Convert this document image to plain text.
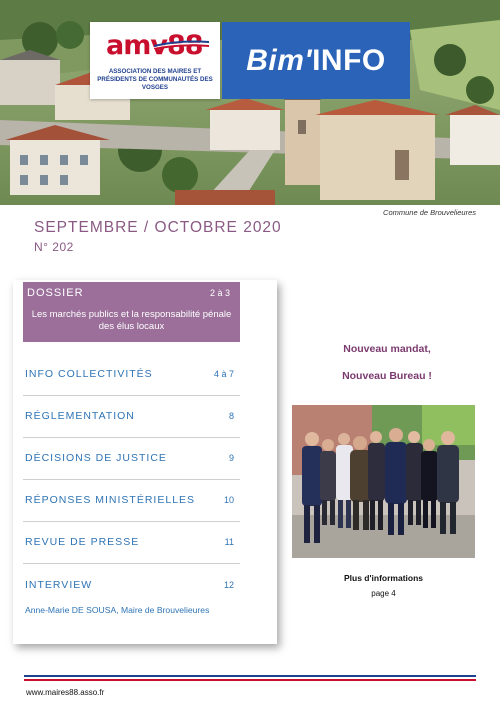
amv88
ASSOCIATION DES MAIRES ET PRÉSIDENTS DE COMMUNAUTÉS DES VOSGES
Bim'INFO
Commune de Brouvelieures
SEPTEMBRE / OCTOBRE 2020
N° 202
DOSSIER	2 à 3
Les marchés publics et la responsabilité pénale des élus locaux
INFO COLLECTIVITÉS	4 à 7
RÉGLEMENTATION	8
DÉCISIONS DE JUSTICE	9
RÉPONSES MINISTÉRIELLES	10
REVUE DE PRESSE	11
INTERVIEW	12
Anne-Marie DE SOUSA, Maire de Brouvelieures
Nouveau mandat,
Nouveau Bureau !
Plus d'informations
page 4
www.maires88.asso.fr
